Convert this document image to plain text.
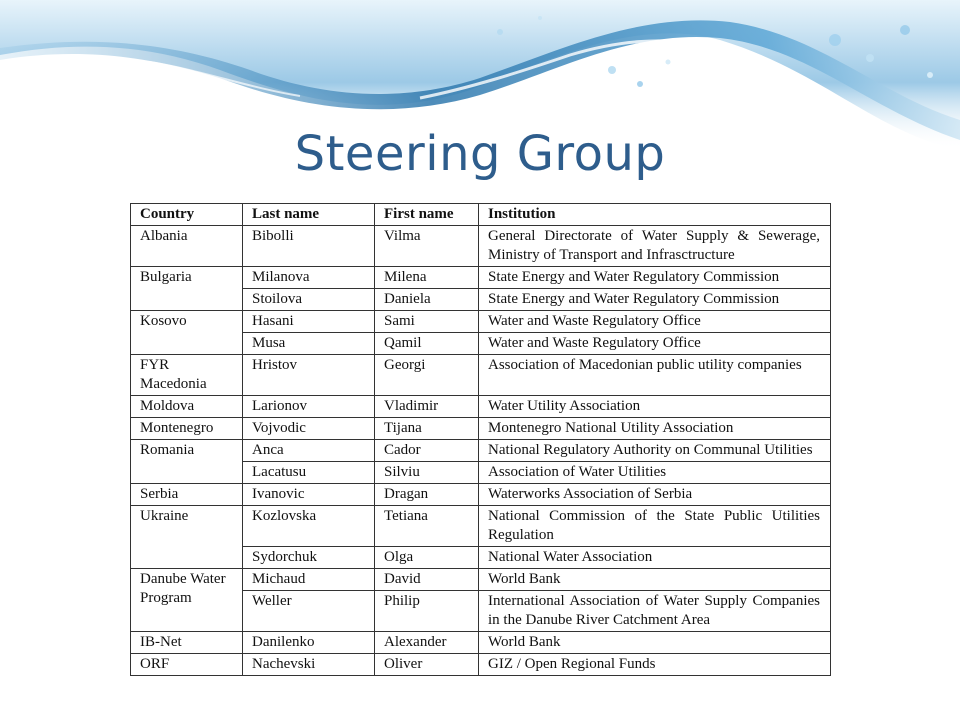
Steering Group
Country	Last name	First name	Institution
Albania	Bibolli	Vilma	General Directorate of Water Supply & Sewerage, Ministry of Transport and Infrasctructure
Bulgaria	Milanova	Milena	State Energy and Water Regulatory Commission
	Stoilova	Daniela	State Energy and Water Regulatory Commission
Kosovo	Hasani	Sami	Water and Waste Regulatory Office
	Musa	Qamil	Water and Waste Regulatory Office
FYR Macedonia	Hristov	Georgi	Association of Macedonian public utility companies
Moldova	Larionov	Vladimir	Water Utility Association
Montenegro	Vojvodic	Tijana	Montenegro National Utility Association
Romania	Anca	Cador	National Regulatory Authority on Communal Utilities
	Lacatusu	Silviu	Association of Water Utilities
Serbia	Ivanovic	Dragan	Waterworks Association of Serbia
Ukraine	Kozlovska	Tetiana	National Commission of the State Public Utilities Regulation
	Sydorchuk	Olga	National Water Association
Danube Water Program	Michaud	David	World Bank
	Weller	Philip	International Association of Water Supply Companies in the Danube River Catchment Area
IB-Net	Danilenko	Alexander	World Bank
ORF	Nachevski	Oliver	GIZ / Open Regional Funds
